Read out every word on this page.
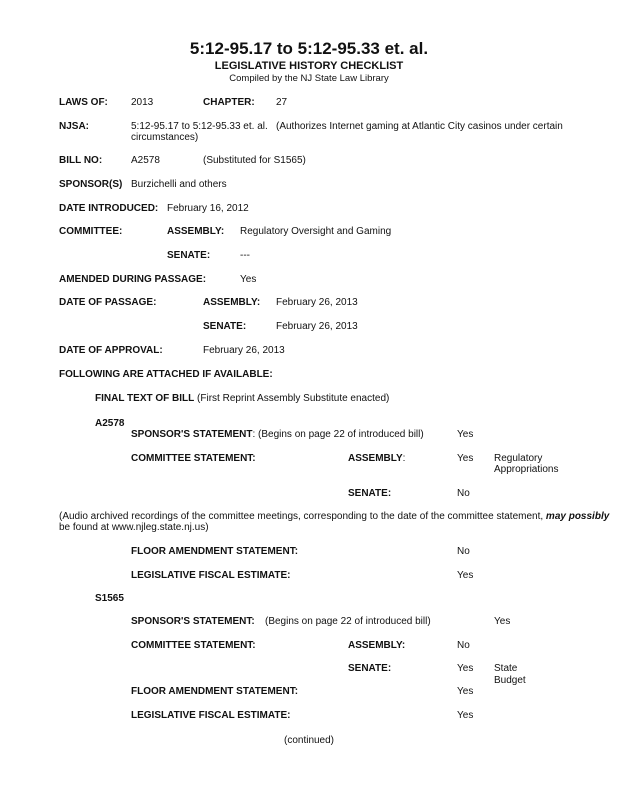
5:12-95.17 to 5:12-95.33 et. al.
LEGISLATIVE HISTORY CHECKLIST
Compiled by the NJ State Law Library
LAWS OF: 2013	CHAPTER: 27
NJSA:	5:12-95.17 to 5:12-95.33 et. al. (Authorizes Internet gaming at Atlantic City casinos under certain
circumstances)
BILL NO:	A2578	(Substituted for S1565)
SPONSOR(S) Burzichelli and others
DATE INTRODUCED: February 16, 2012
COMMITTEE:	ASSEMBLY: Regulatory Oversight and Gaming
SENATE:	---
AMENDED DURING PASSAGE:	Yes
DATE OF PASSAGE:	ASSEMBLY: February 26, 2013
SENATE:	February 26, 2013
DATE OF APPROVAL:	February 26, 2013
FOLLOWING ARE ATTACHED IF AVAILABLE:
FINAL TEXT OF BILL (First Reprint Assembly Substitute enacted)
A2578
SPONSOR'S STATEMENT: (Begins on page 22 of introduced bill)	Yes
COMMITTEE STATEMENT:	ASSEMBLY:	Yes Regulatory
Appropriations
SENATE:	No
(Audio archived recordings of the committee meetings, corresponding to the date of the committee statement, may possibly
be found at www.njleg.state.nj.us)
FLOOR AMENDMENT STATEMENT:	No
LEGISLATIVE FISCAL ESTIMATE:	Yes
S1565
SPONSOR'S STATEMENT: (Begins on page 22 of introduced bill)	Yes
COMMITTEE STATEMENT:	ASSEMBLY:	No
SENATE:	Yes State
Budget
FLOOR AMENDMENT STATEMENT:	Yes
LEGISLATIVE FISCAL ESTIMATE:	Yes
(continued)
